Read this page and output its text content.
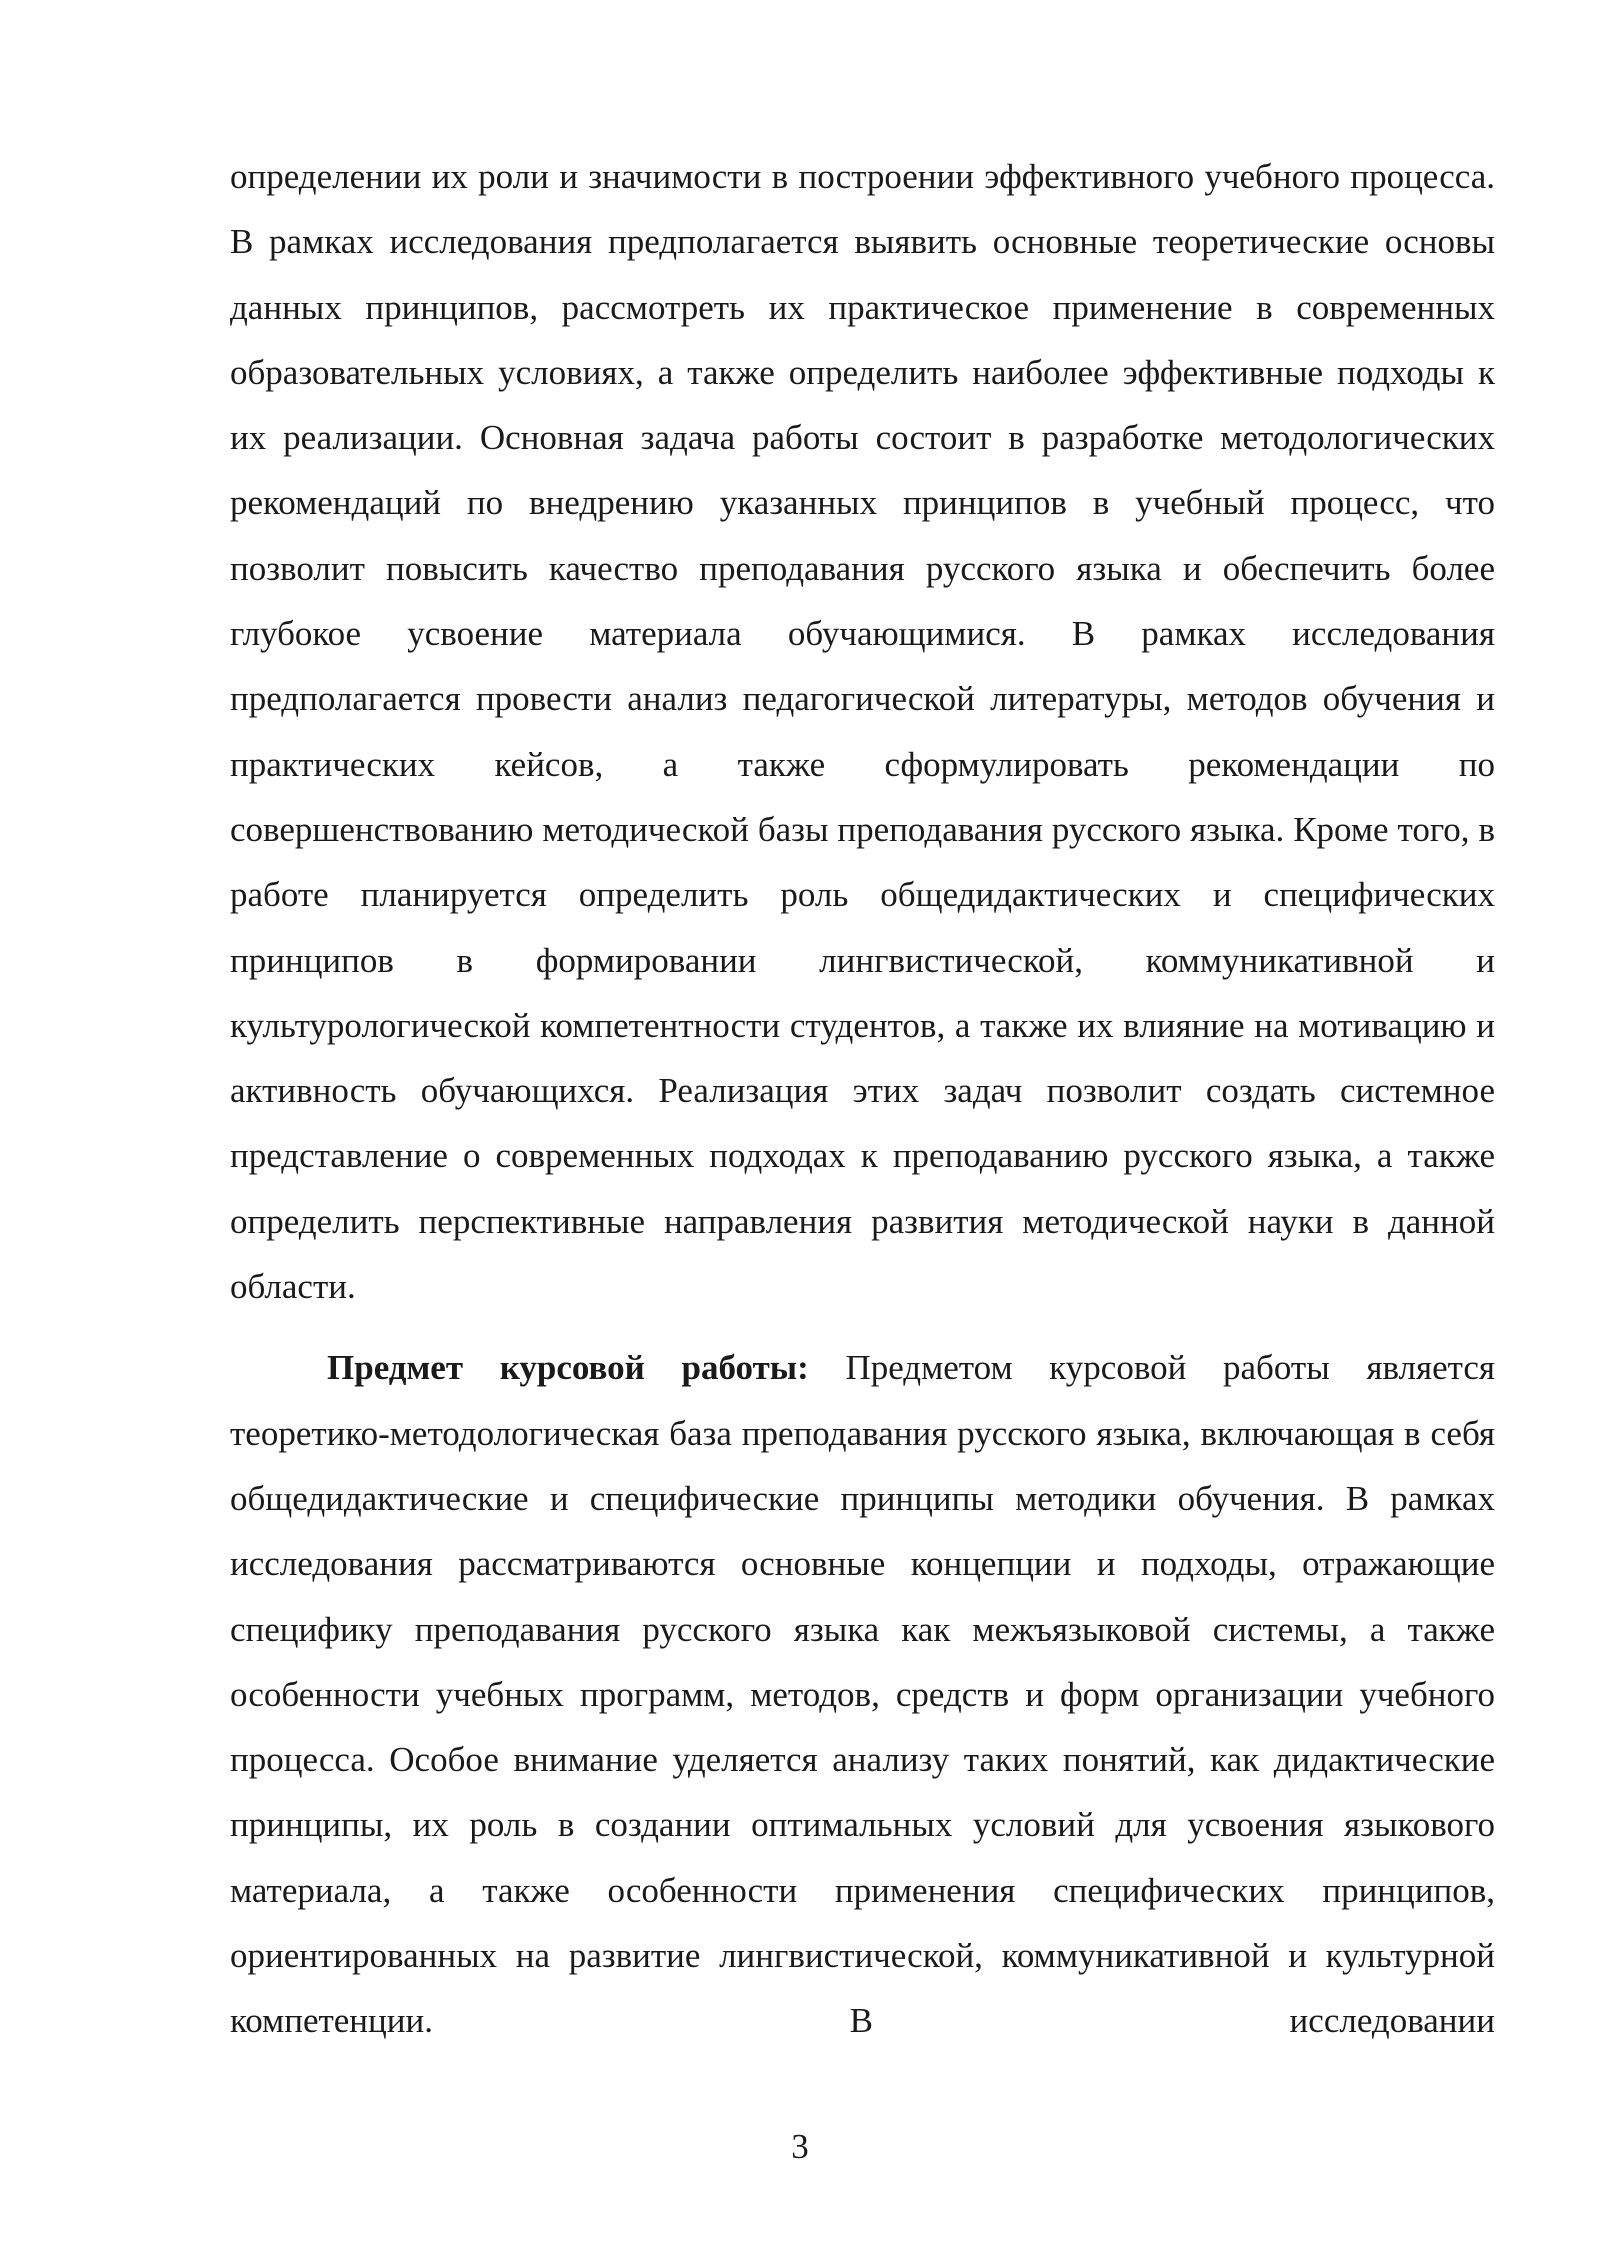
определении их роли и значимости в построении эффективного учебного процесса. В рамках исследования предполагается выявить основные теоретические основы данных принципов, рассмотреть их практическое применение в современных образовательных условиях, а также определить наиболее эффективные подходы к их реализации. Основная задача работы состоит в разработке методологических рекомендаций по внедрению указанных принципов в учебный процесс, что позволит повысить качество преподавания русского языка и обеспечить более глубокое усвоение материала обучающимися. В рамках исследования предполагается провести анализ педагогической литературы, методов обучения и практических кейсов, а также сформулировать рекомендации по совершенствованию методической базы преподавания русского языка. Кроме того, в работе планируется определить роль общедидактических и специфических принципов в формировании лингвистической, коммуникативной и культурологической компетентности студентов, а также их влияние на мотивацию и активность обучающихся. Реализация этих задач позволит создать системное представление о современных подходах к преподаванию русского языка, а также определить перспективные направления развития методической науки в данной области.

Предмет курсовой работы: Предметом курсовой работы является теоретико-методологическая база преподавания русского языка, включающая в себя общедидактические и специфические принципы методики обучения. В рамках исследования рассматриваются основные концепции и подходы, отражающие специфику преподавания русского языка как межъязыковой системы, а также особенности учебных программ, методов, средств и форм организации учебного процесса. Особое внимание уделяется анализу таких понятий, как дидактические принципы, их роль в создании оптимальных условий для усвоения языкового материала, а также особенности применения специфических принципов, ориентированных на развитие лингвистической, коммуникативной и культурной компетенции. В исследовании

3
